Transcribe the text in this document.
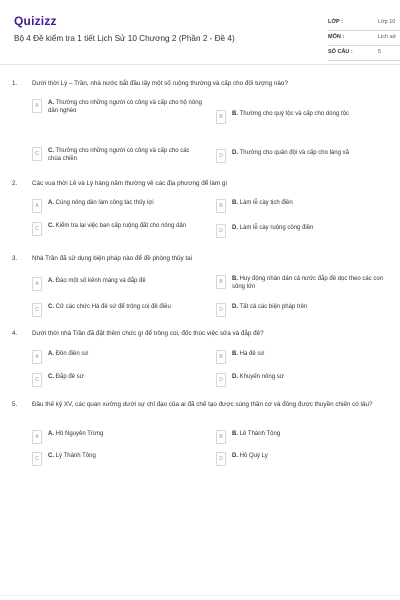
Quizizz
Bộ 4 Đề kiểm tra 1 tiết Lịch Sử 10 Chương 2 (Phần 2 - Đề 4)
LỚP :	Lớp 10
MÔN :	Lịch sử
SỐ CÂU :	5
1. Dưới thời Lý – Trần, nhà nước bắt đầu lấy một số ruộng thường và cấp cho đối tượng nào?
A	A. Thường cho những người có công và cấp cho hộ nông dân nghèo
B	B. Thường cho quý tộc và cấp cho dòng tộc
C	C. Thưởng cho những người có công và cấp cho các chùa chiền	D	D. Thưởng cho quân đội và cấp cho làng xã
2. Các vua thời Lê và Lý hàng năm thường về các địa phương để làm gì
A	A. Cùng nông dân làm công tác thủy lợi	B	B. Làm lễ cày tịch điền
C	C. Kiểm tra lại việc ban cấp ruộng đất cho nông dân
D	D. Làm lễ cày ruộng công điền
3. Nhà Trần đã sử dụng biện pháp nào để đề phòng thủy tai
A	A. Đào một số kênh máng và đắp đê	B	B. Huy động nhân dân cả nước đắp đê dọc theo các con sông lớn
C	C. Cử các chức Hà đê sứ để trông coi đê điều	D	D. Tất cả các biện pháp trên
4. Dưới thời nhà Trần đã đặt thêm chức gì để trông coi, đốc thúc việc sửa và đắp đê?
A	A. Đồn điền sứ	B	B. Hà đê sứ
C	C. Đắp đê sứ	D	D. Khuyến nông sứ
5. Đầu thế kỷ XV, các quan xưởng dưới sự chỉ đạo của ai đã chế tạo được súng thần cơ và đóng được thuyền chiến có lâu?
A	A. Hồ Nguyên Trừng	B	B. Lê Thánh Tông
C	C. Lý Thánh Tông	D	D. Hồ Quý Ly
